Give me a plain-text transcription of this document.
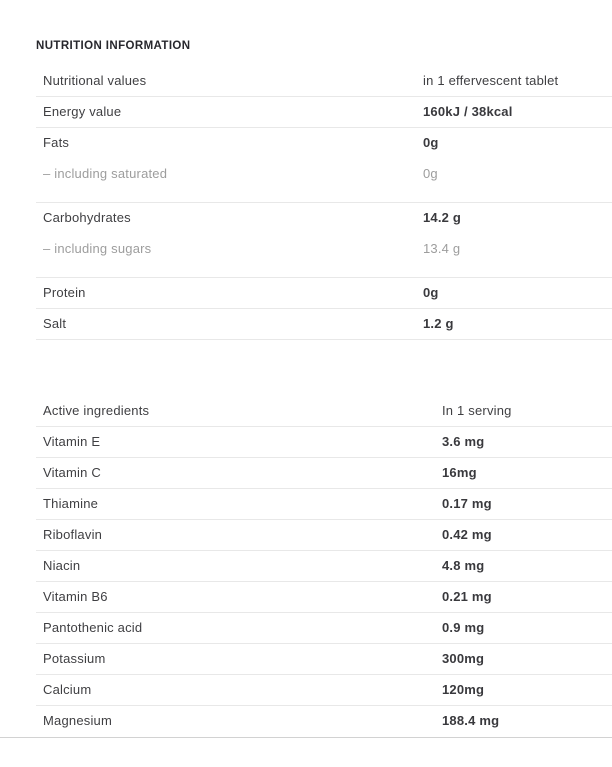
NUTRITION INFORMATION
Nutritional values	in 1 effervescent tablet
Energy value	160kJ / 38kcal
Fats	0g
– including saturated	0g
Carbohydrates	14.2 g
– including sugars	13.4 g
Protein	0g
Salt	1.2 g
Active ingredients	In 1 serving
Vitamin E	3.6 mg
Vitamin C	16mg
Thiamine	0.17 mg
Riboflavin	0.42 mg
Niacin	4.8 mg
Vitamin B6	0.21 mg
Pantothenic acid	0.9 mg
Potassium	300mg
Calcium	120mg
Magnesium	188.4 mg
